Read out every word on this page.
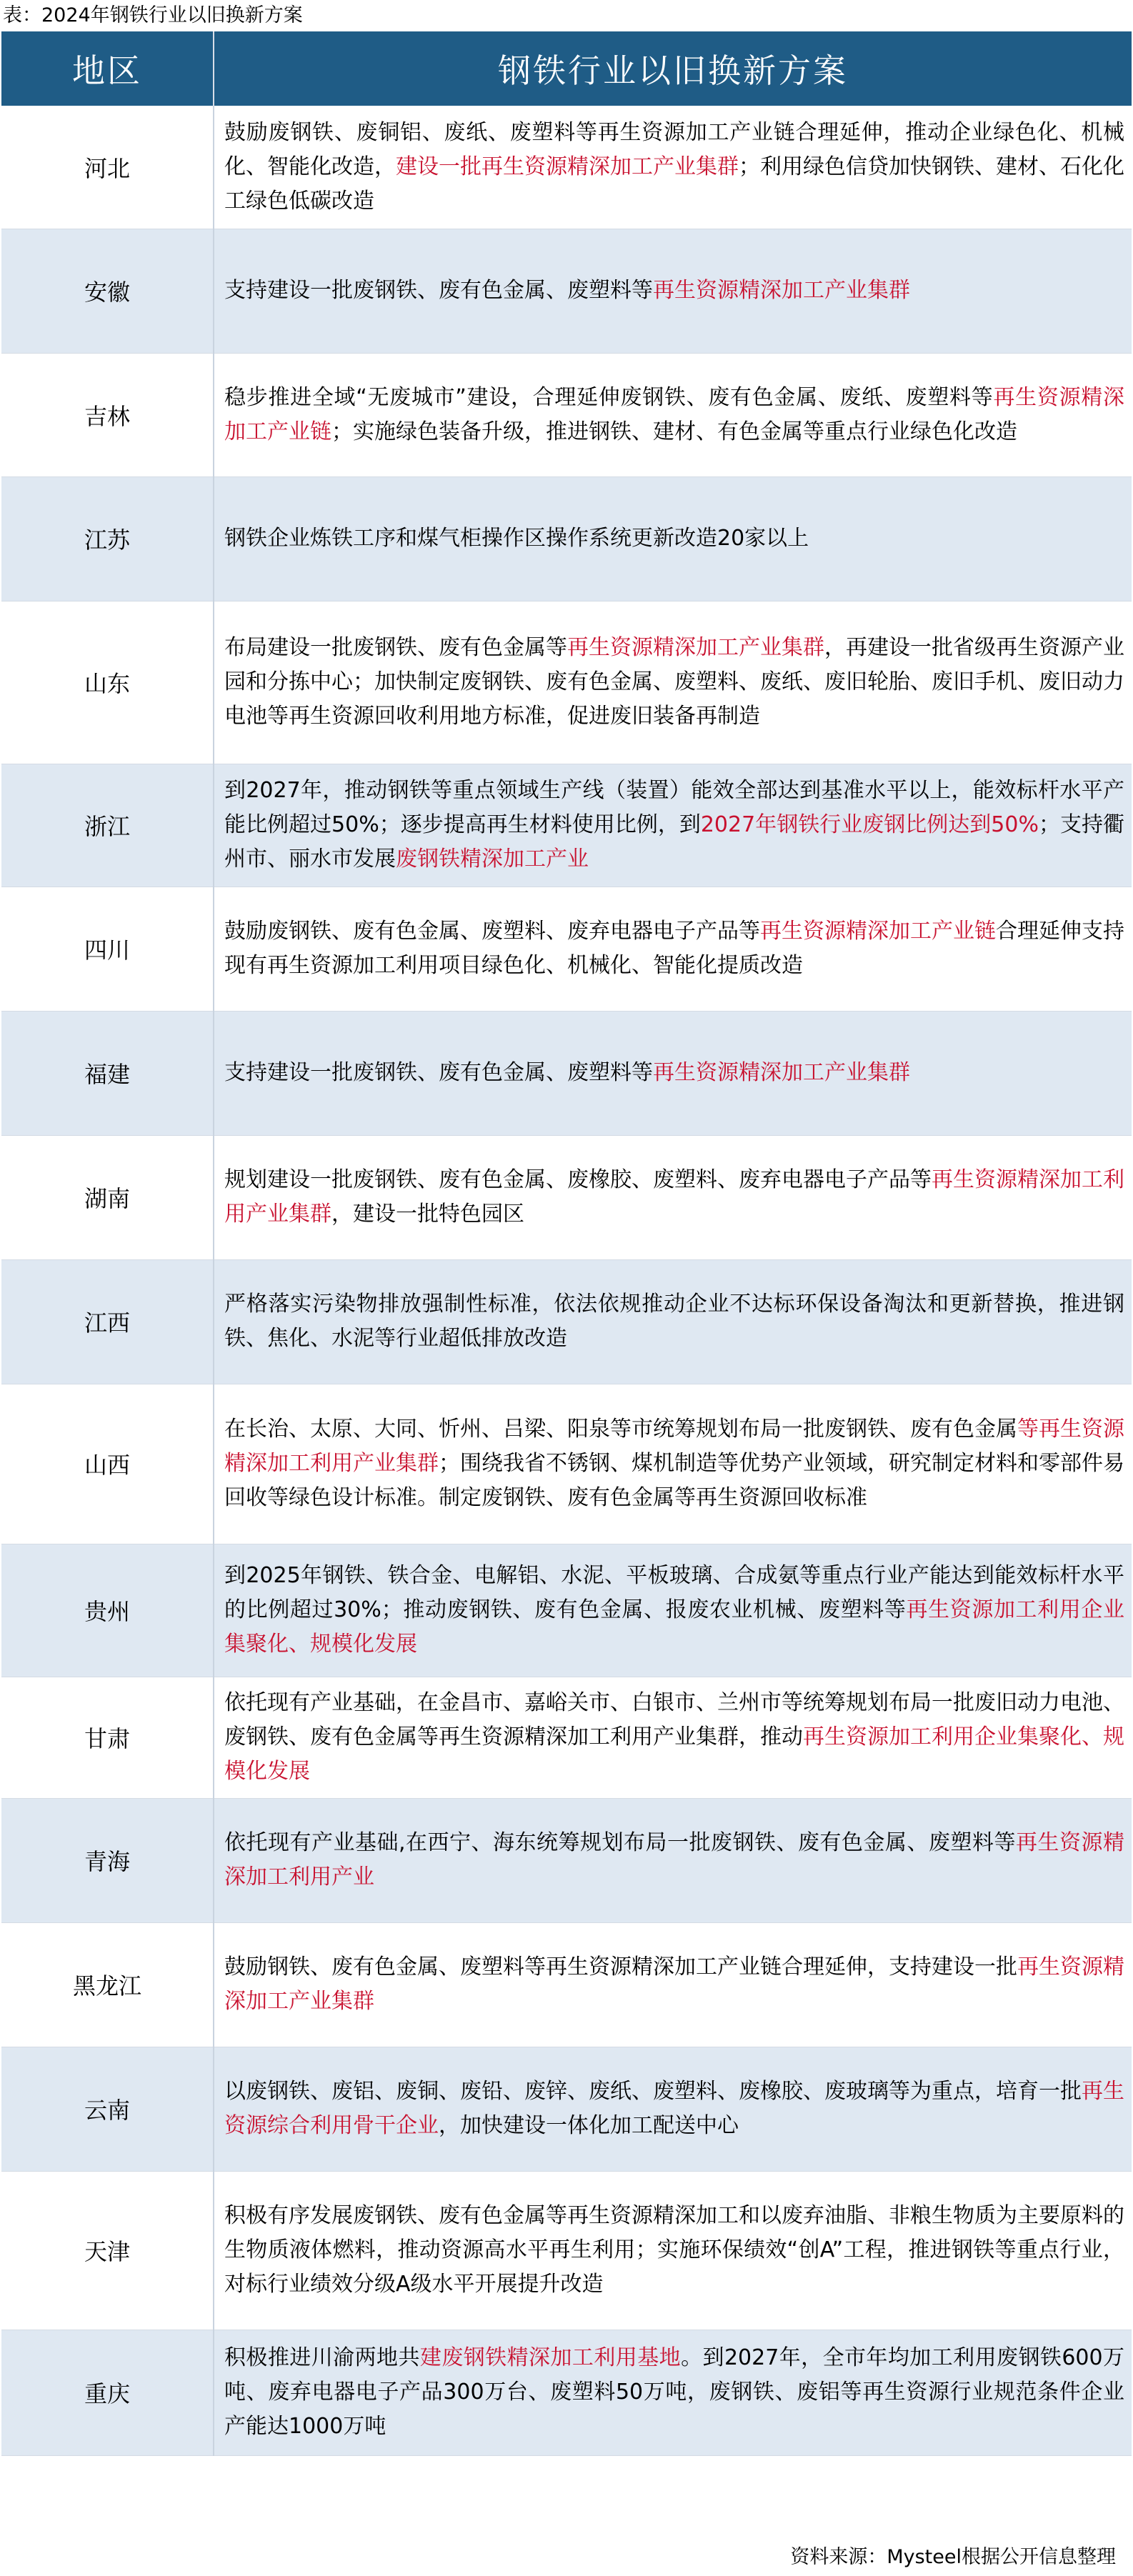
表：2024年钢铁行业以旧换新方案
地区	钢铁行业以旧换新方案
河北	鼓励废钢铁、废铜铝、废纸、废塑料等再生资源加工产业链合理延伸，推动企业绿色化、机械化、智能化改造，建设一批再生资源精深加工产业集群；利用绿色信贷加快钢铁、建材、石化化工绿色低碳改造
安徽	支持建设一批废钢铁、废有色金属、废塑料等再生资源精深加工产业集群
吉林	稳步推进全域“无废城市”建设，合理延伸废钢铁、废有色金属、废纸、废塑料等再生资源精深加工产业链；实施绿色装备升级，推进钢铁、建材、有色金属等重点行业绿色化改造
江苏	钢铁企业炼铁工序和煤气柜操作区操作系统更新改造20家以上
山东	布局建设一批废钢铁、废有色金属等再生资源精深加工产业集群，再建设一批省级再生资源产业园和分拣中心；加快制定废钢铁、废有色金属、废塑料、废纸、废旧轮胎、废旧手机、废旧动力电池等再生资源回收利用地方标准，促进废旧装备再制造
浙江	到2027年，推动钢铁等重点领域生产线（装置）能效全部达到基准水平以上，能效标杆水平产能比例超过50%；逐步提高再生材料使用比例，到2027年钢铁行业废钢比例达到50%；支持衢州市、丽水市发展废钢铁精深加工产业
四川	鼓励废钢铁、废有色金属、废塑料、废弃电器电子产品等再生资源精深加工产业链合理延伸支持现有再生资源加工利用项目绿色化、机械化、智能化提质改造
福建	支持建设一批废钢铁、废有色金属、废塑料等再生资源精深加工产业集群
湖南	规划建设一批废钢铁、废有色金属、废橡胶、废塑料、废弃电器电子产品等再生资源精深加工利用产业集群，建设一批特色园区
江西	严格落实污染物排放强制性标准，依法依规推动企业不达标环保设备淘汰和更新替换，推进钢铁、焦化、水泥等行业超低排放改造
山西	在长治、太原、大同、忻州、吕梁、阳泉等市统筹规划布局一批废钢铁、废有色金属等再生资源精深加工利用产业集群；围绕我省不锈钢、煤机制造等优势产业领域，研究制定材料和零部件易回收等绿色设计标准。制定废钢铁、废有色金属等再生资源回收标准
贵州	到2025年钢铁、铁合金、电解铝、水泥、平板玻璃、合成氨等重点行业产能达到能效标杆水平的比例超过30%；推动废钢铁、废有色金属、报废农业机械、废塑料等再生资源加工利用企业集聚化、规模化发展
甘肃	依托现有产业基础，在金昌市、嘉峪关市、白银市、兰州市等统筹规划布局一批废旧动力电池、废钢铁、废有色金属等再生资源精深加工利用产业集群，推动再生资源加工利用企业集聚化、规模化发展
青海	依托现有产业基础,在西宁、海东统筹规划布局一批废钢铁、废有色金属、废塑料等再生资源精深加工利用产业
黑龙江	鼓励钢铁、废有色金属、废塑料等再生资源精深加工产业链合理延伸，支持建设一批再生资源精深加工产业集群
云南	以废钢铁、废铝、废铜、废铅、废锌、废纸、废塑料、废橡胶、废玻璃等为重点，培育一批再生资源综合利用骨干企业，加快建设一体化加工配送中心
天津	积极有序发展废钢铁、废有色金属等再生资源精深加工和以废弃油脂、非粮生物质为主要原料的生物质液体燃料，推动资源高水平再生利用；实施环保绩效“创A”工程，推进钢铁等重点行业，对标行业绩效分级A级水平开展提升改造
重庆	积极推进川渝两地共建废钢铁精深加工利用基地。到2027年，全市年均加工利用废钢铁600万吨、废弃电器电子产品300万台、废塑料50万吨，废钢铁、废铝等再生资源行业规范条件企业产能达1000万吨
资料来源：Mysteel根据公开信息整理
